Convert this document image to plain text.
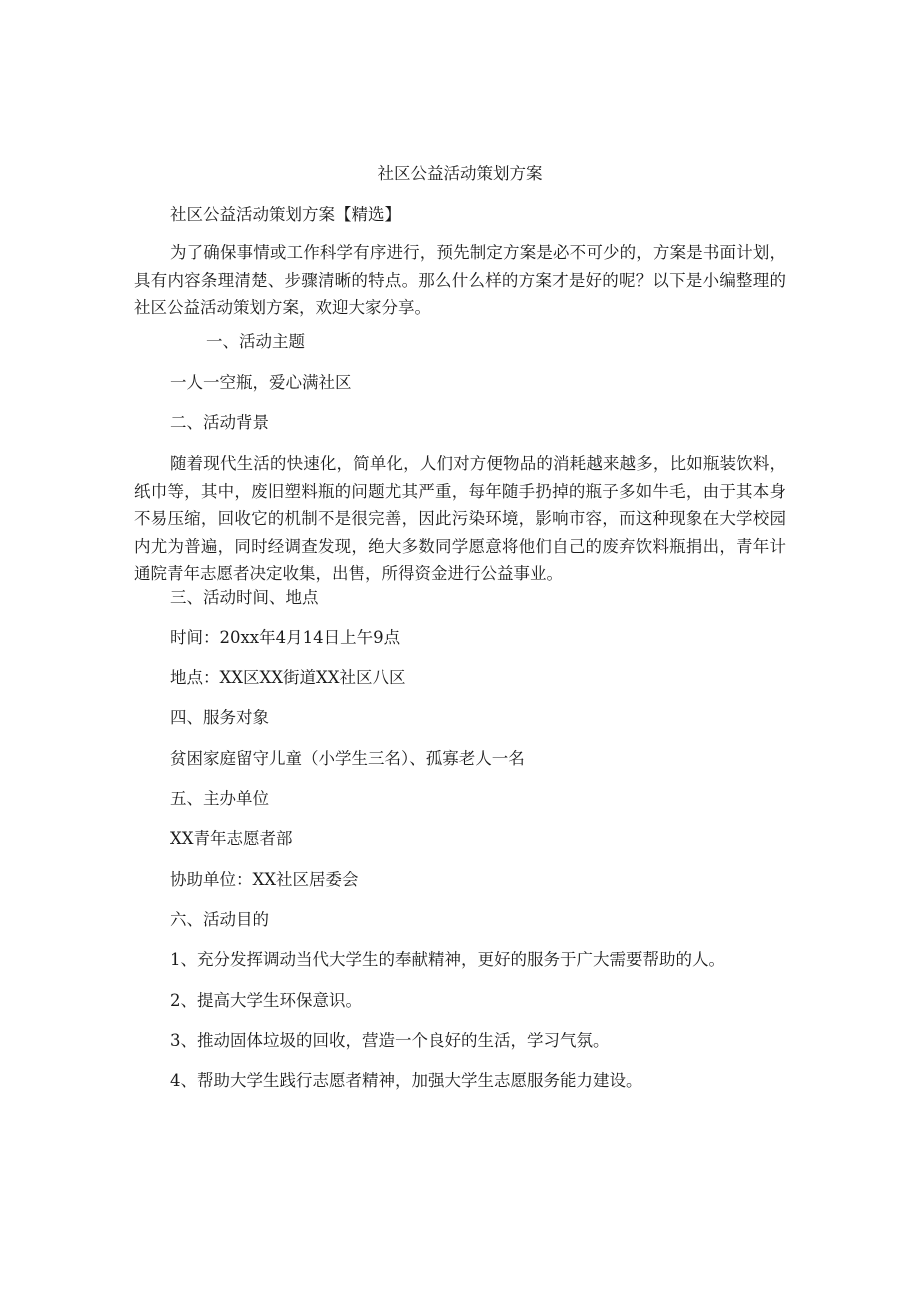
社区公益活动策划方案
社区公益活动策划方案【精选】
为了确保事情或工作科学有序进行，预先制定方案是必不可少的，方案是书面计划，具有内容条理清楚、步骤清晰的特点。那么什么样的方案才是好的呢？以下是小编整理的社区公益活动策划方案，欢迎大家分享。
一、活动主题
一人一空瓶，爱心满社区
二、活动背景
随着现代生活的快速化，简单化，人们对方便物品的消耗越来越多，比如瓶装饮料，纸巾等，其中，废旧塑料瓶的问题尤其严重，每年随手扔掉的瓶子多如牛毛，由于其本身不易压缩，回收它的机制不是很完善，因此污染环境，影响市容，而这种现象在大学校园内尤为普遍，同时经调查发现，绝大多数同学愿意将他们自己的废弃饮料瓶捐出，青年计通院青年志愿者决定收集，出售，所得资金进行公益事业。
三、活动时间、地点
时间：20xx年4月14日上午9点
地点：XX区XX街道XX社区八区
四、服务对象
贫困家庭留守儿童（小学生三名）、孤寡老人一名
五、主办单位
XX青年志愿者部
协助单位：XX社区居委会
六、活动目的
1、充分发挥调动当代大学生的奉献精神，更好的服务于广大需要帮助的人。
2、提高大学生环保意识。
3、推动固体垃圾的回收，营造一个良好的生活，学习气氛。
4、帮助大学生践行志愿者精神，加强大学生志愿服务能力建设。
